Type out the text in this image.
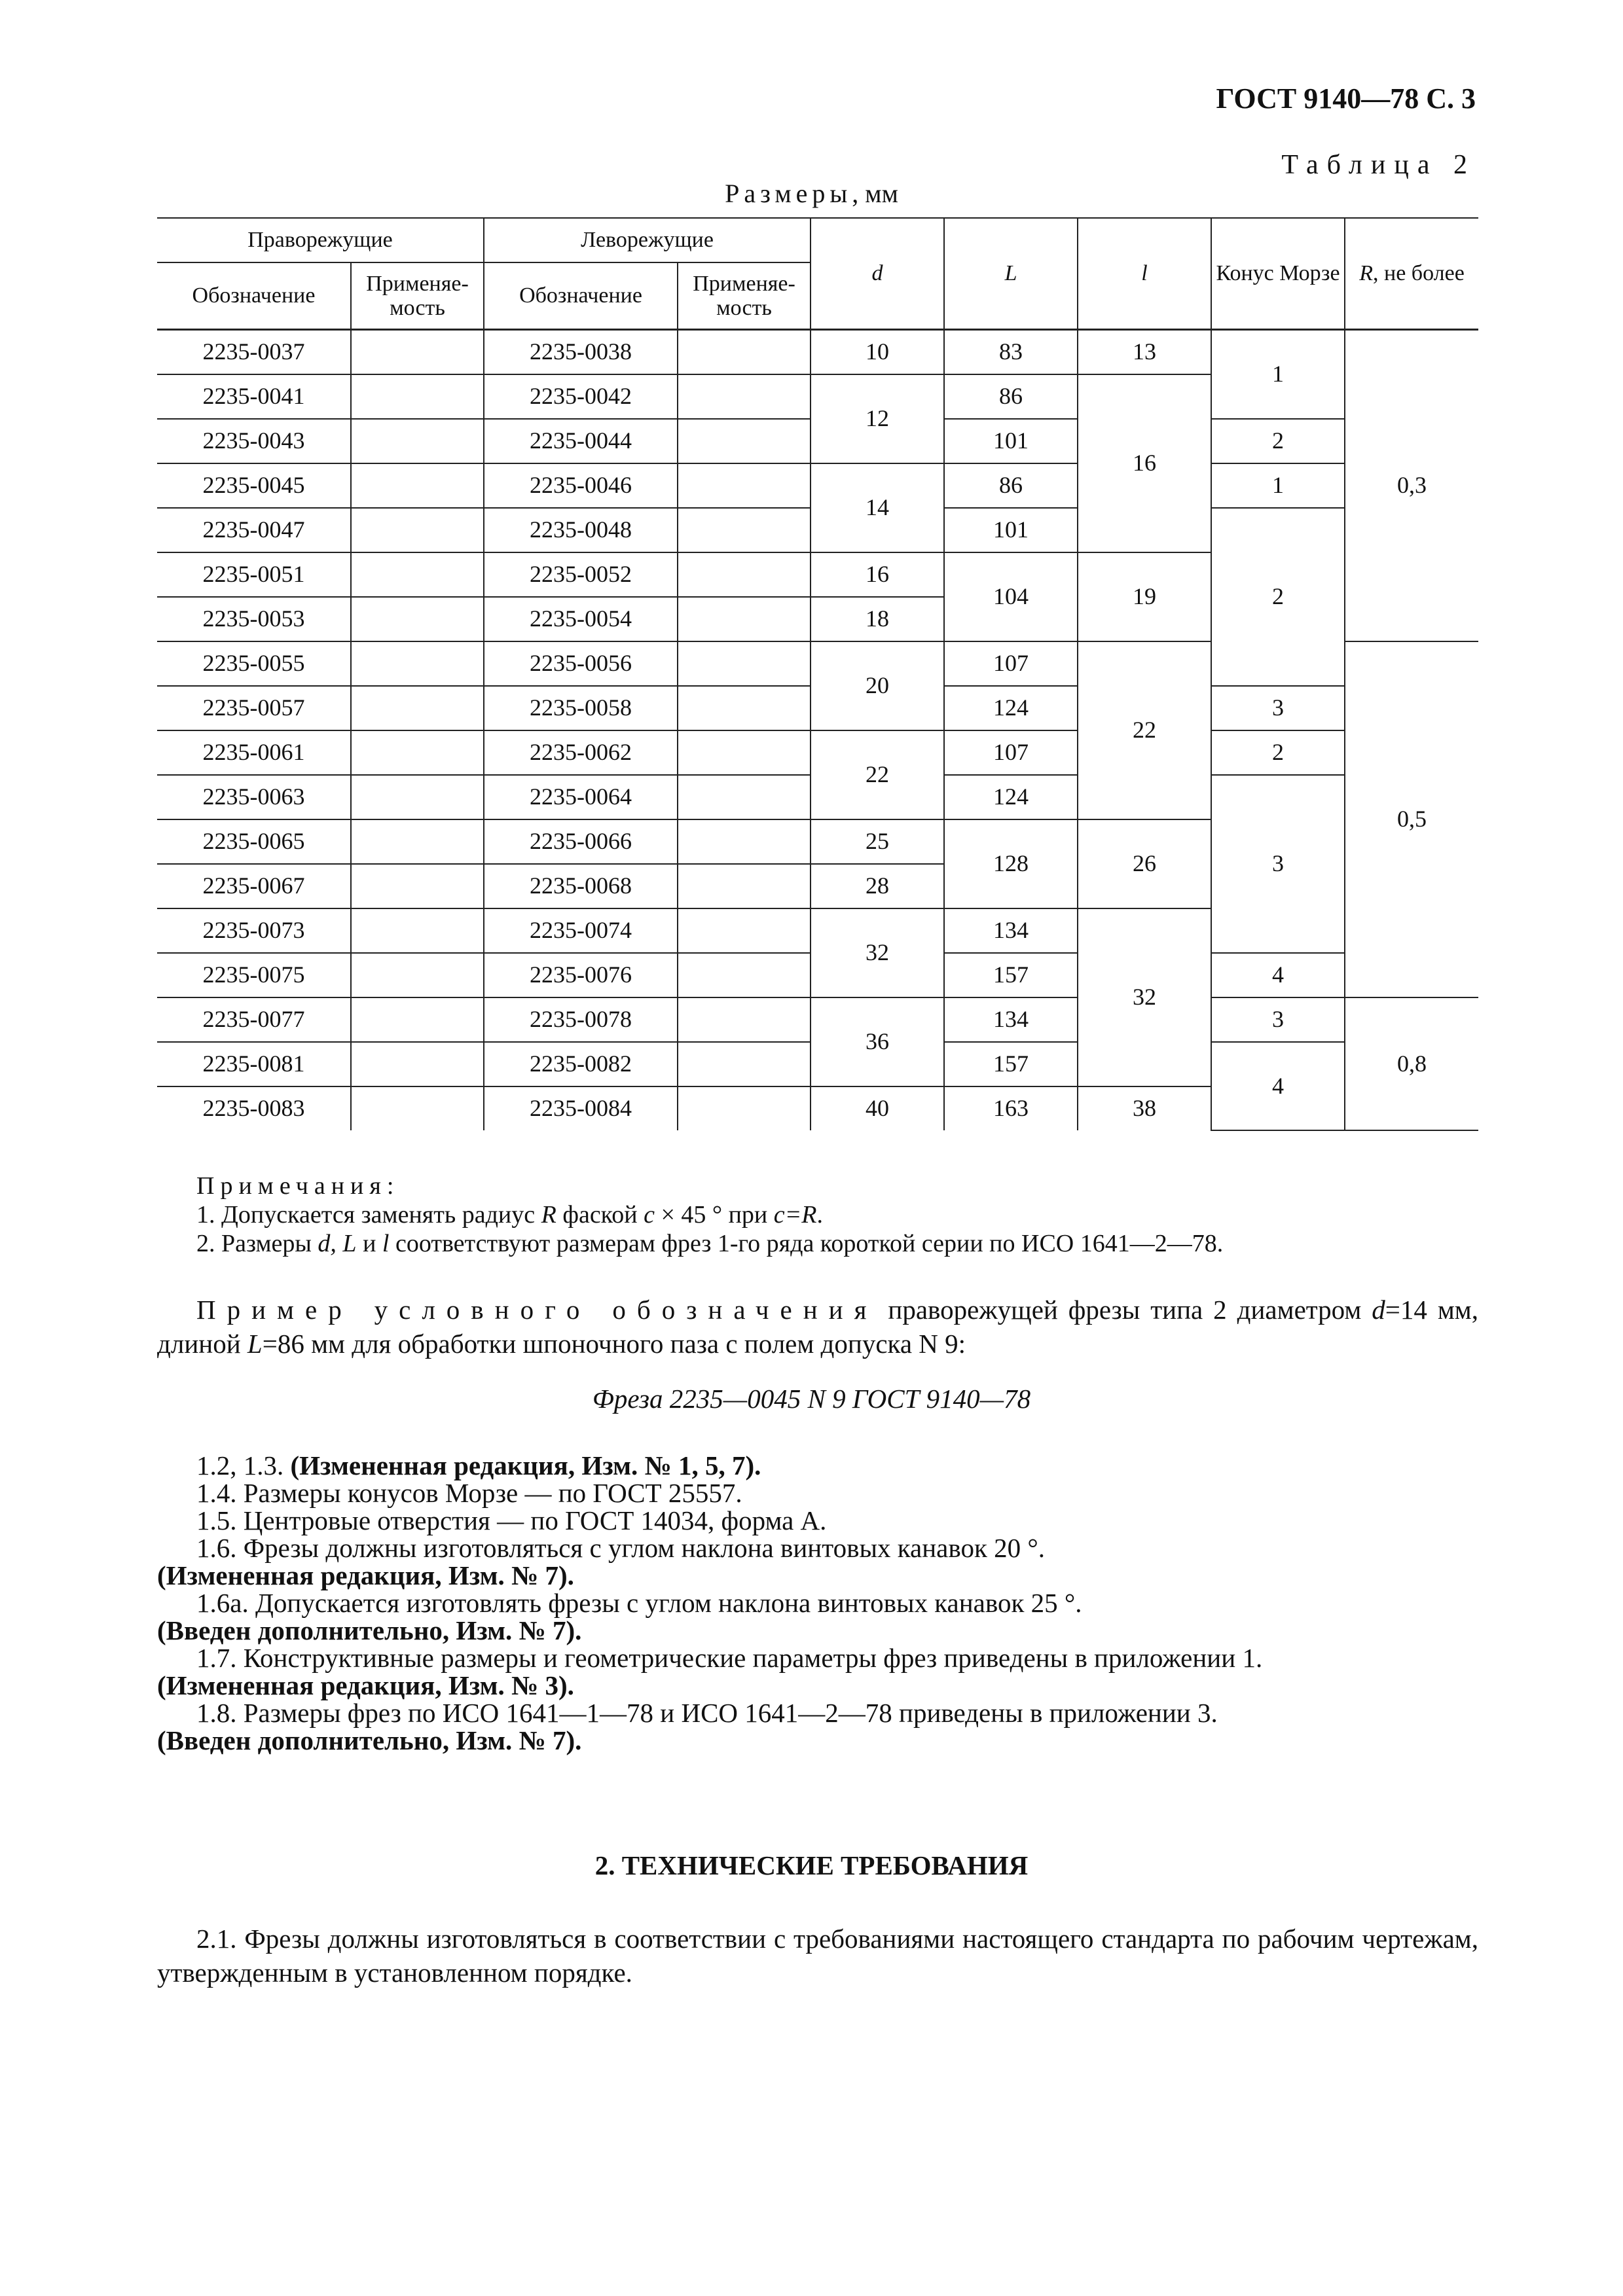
ГОСТ 9140—78 С. 3
Таблица 2
Размеры, мм
Праворежущие		Леворежущие		d	L	l	Конус Морзе	R, не более
Обозначение	Применяе-мость	Обозначение	Применяе-мость					
2235-0037		2235-0038		10	83	13	1	0,3
2235-0041		2235-0042		12	86	16		
2235-0043		2235-0044			101		2	
2235-0045		2235-0046		14	86		1	
2235-0047		2235-0048			101		2	
2235-0051		2235-0052		16	104	19		
2235-0053		2235-0054		18				
2235-0055		2235-0056		20	107	22		0,5
2235-0057		2235-0058			124		3	
2235-0061		2235-0062		22	107		2	
2235-0063		2235-0064			124		3	
2235-0065		2235-0066		25	128	26		
2235-0067		2235-0068		28				
2235-0073		2235-0074		32	134	32		
2235-0075		2235-0076			157		4	
2235-0077		2235-0078		36	134		3	0,8
2235-0081		2235-0082			157		4	
2235-0083		2235-0084		40	163	38		
Примечания:
1. Допускается заменять радиус R фаской c × 45 ° при c=R.
2. Размеры d, L и l соответствуют размерам фрез 1-го ряда короткой серии по ИСО 1641—2—78.
Пример условного обозначения праворежущей фрезы типа 2 диаметром d=14 мм, длиной L=86 мм для обработки шпоночного паза с полем допуска N 9:
Фреза 2235—0045 N 9 ГОСТ 9140—78
1.2, 1.3. (Измененная редакция, Изм. № 1, 5, 7).
1.4. Размеры конусов Морзе — по ГОСТ 25557.
1.5. Центровые отверстия — по ГОСТ 14034, форма А.
1.6. Фрезы должны изготовляться с углом наклона винтовых канавок 20 °.
(Измененная редакция, Изм. № 7).
1.6а. Допускается изготовлять фрезы с углом наклона винтовых канавок 25 °.
(Введен дополнительно, Изм. № 7).
1.7. Конструктивные размеры и геометрические параметры фрез приведены в приложении 1.
(Измененная редакция, Изм. № 3).
1.8. Размеры фрез по ИСО 1641—1—78 и ИСО 1641—2—78 приведены в приложении 3.
(Введен дополнительно, Изм. № 7).
2. ТЕХНИЧЕСКИЕ ТРЕБОВАНИЯ
2.1. Фрезы должны изготовляться в соответствии с требованиями настоящего стандарта по рабочим чертежам, утвержденным в установленном порядке.
